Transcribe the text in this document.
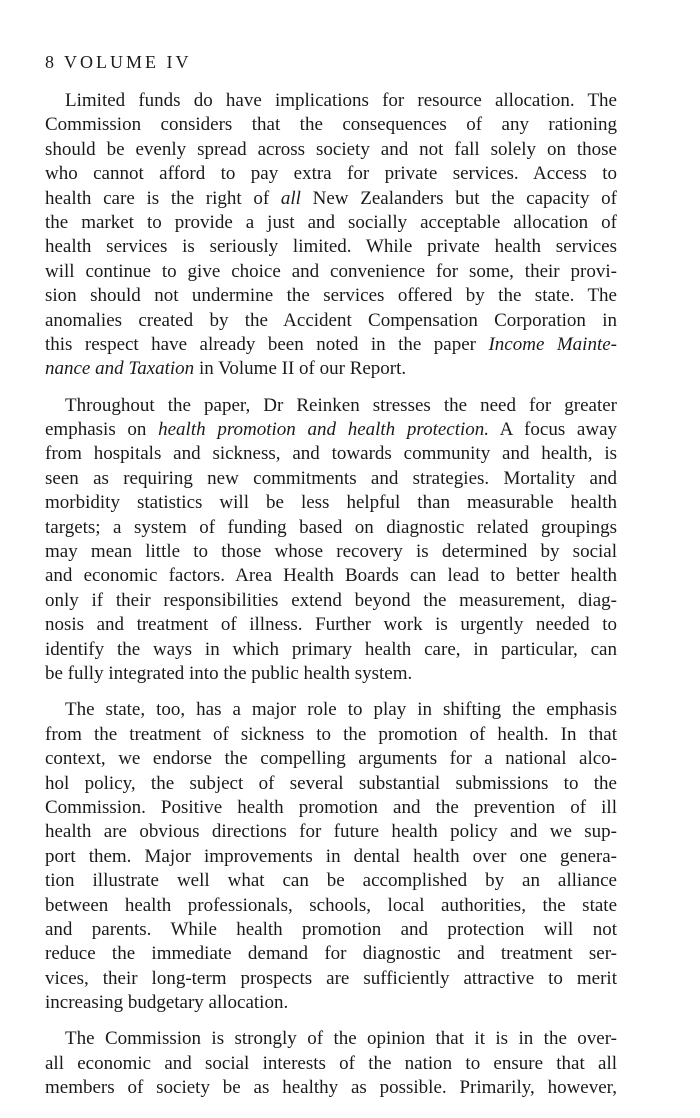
8 VOLUME IV
Limited funds do have implications for resource allocation. The
Commission considers that the consequences of any rationing
should be evenly spread across society and not fall solely on those
who cannot afford to pay extra for private services. Access to
health care is the right of all New Zealanders but the capacity of
the market to provide a just and socially acceptable allocation of
health services is seriously limited. While private health services
will continue to give choice and convenience for some, their provi-
sion should not undermine the services offered by the state. The
anomalies created by the Accident Compensation Corporation in
this respect have already been noted in the paper Income Mainte-
nance and Taxation in Volume II of our Report.
Throughout the paper, Dr Reinken stresses the need for greater
emphasis on health promotion and health protection. A focus away
from hospitals and sickness, and towards community and health, is
seen as requiring new commitments and strategies. Mortality and
morbidity statistics will be less helpful than measurable health
targets; a system of funding based on diagnostic related groupings
may mean little to those whose recovery is determined by social
and economic factors. Area Health Boards can lead to better health
only if their responsibilities extend beyond the measurement, diag-
nosis and treatment of illness. Further work is urgently needed to
identify the ways in which primary health care, in particular, can
be fully integrated into the public health system.
The state, too, has a major role to play in shifting the emphasis
from the treatment of sickness to the promotion of health. In that
context, we endorse the compelling arguments for a national alco-
hol policy, the subject of several substantial submissions to the
Commission. Positive health promotion and the prevention of ill
health are obvious directions for future health policy and we sup-
port them. Major improvements in dental health over one genera-
tion illustrate well what can be accomplished by an alliance
between health professionals, schools, local authorities, the state
and parents. While health promotion and protection will not
reduce the immediate demand for diagnostic and treatment ser-
vices, their long-term prospects are sufficiently attractive to merit
increasing budgetary allocation.
The Commission is strongly of the opinion that it is in the over-
all economic and social interests of the nation to ensure that all
members of society be as healthy as possible. Primarily, however,
